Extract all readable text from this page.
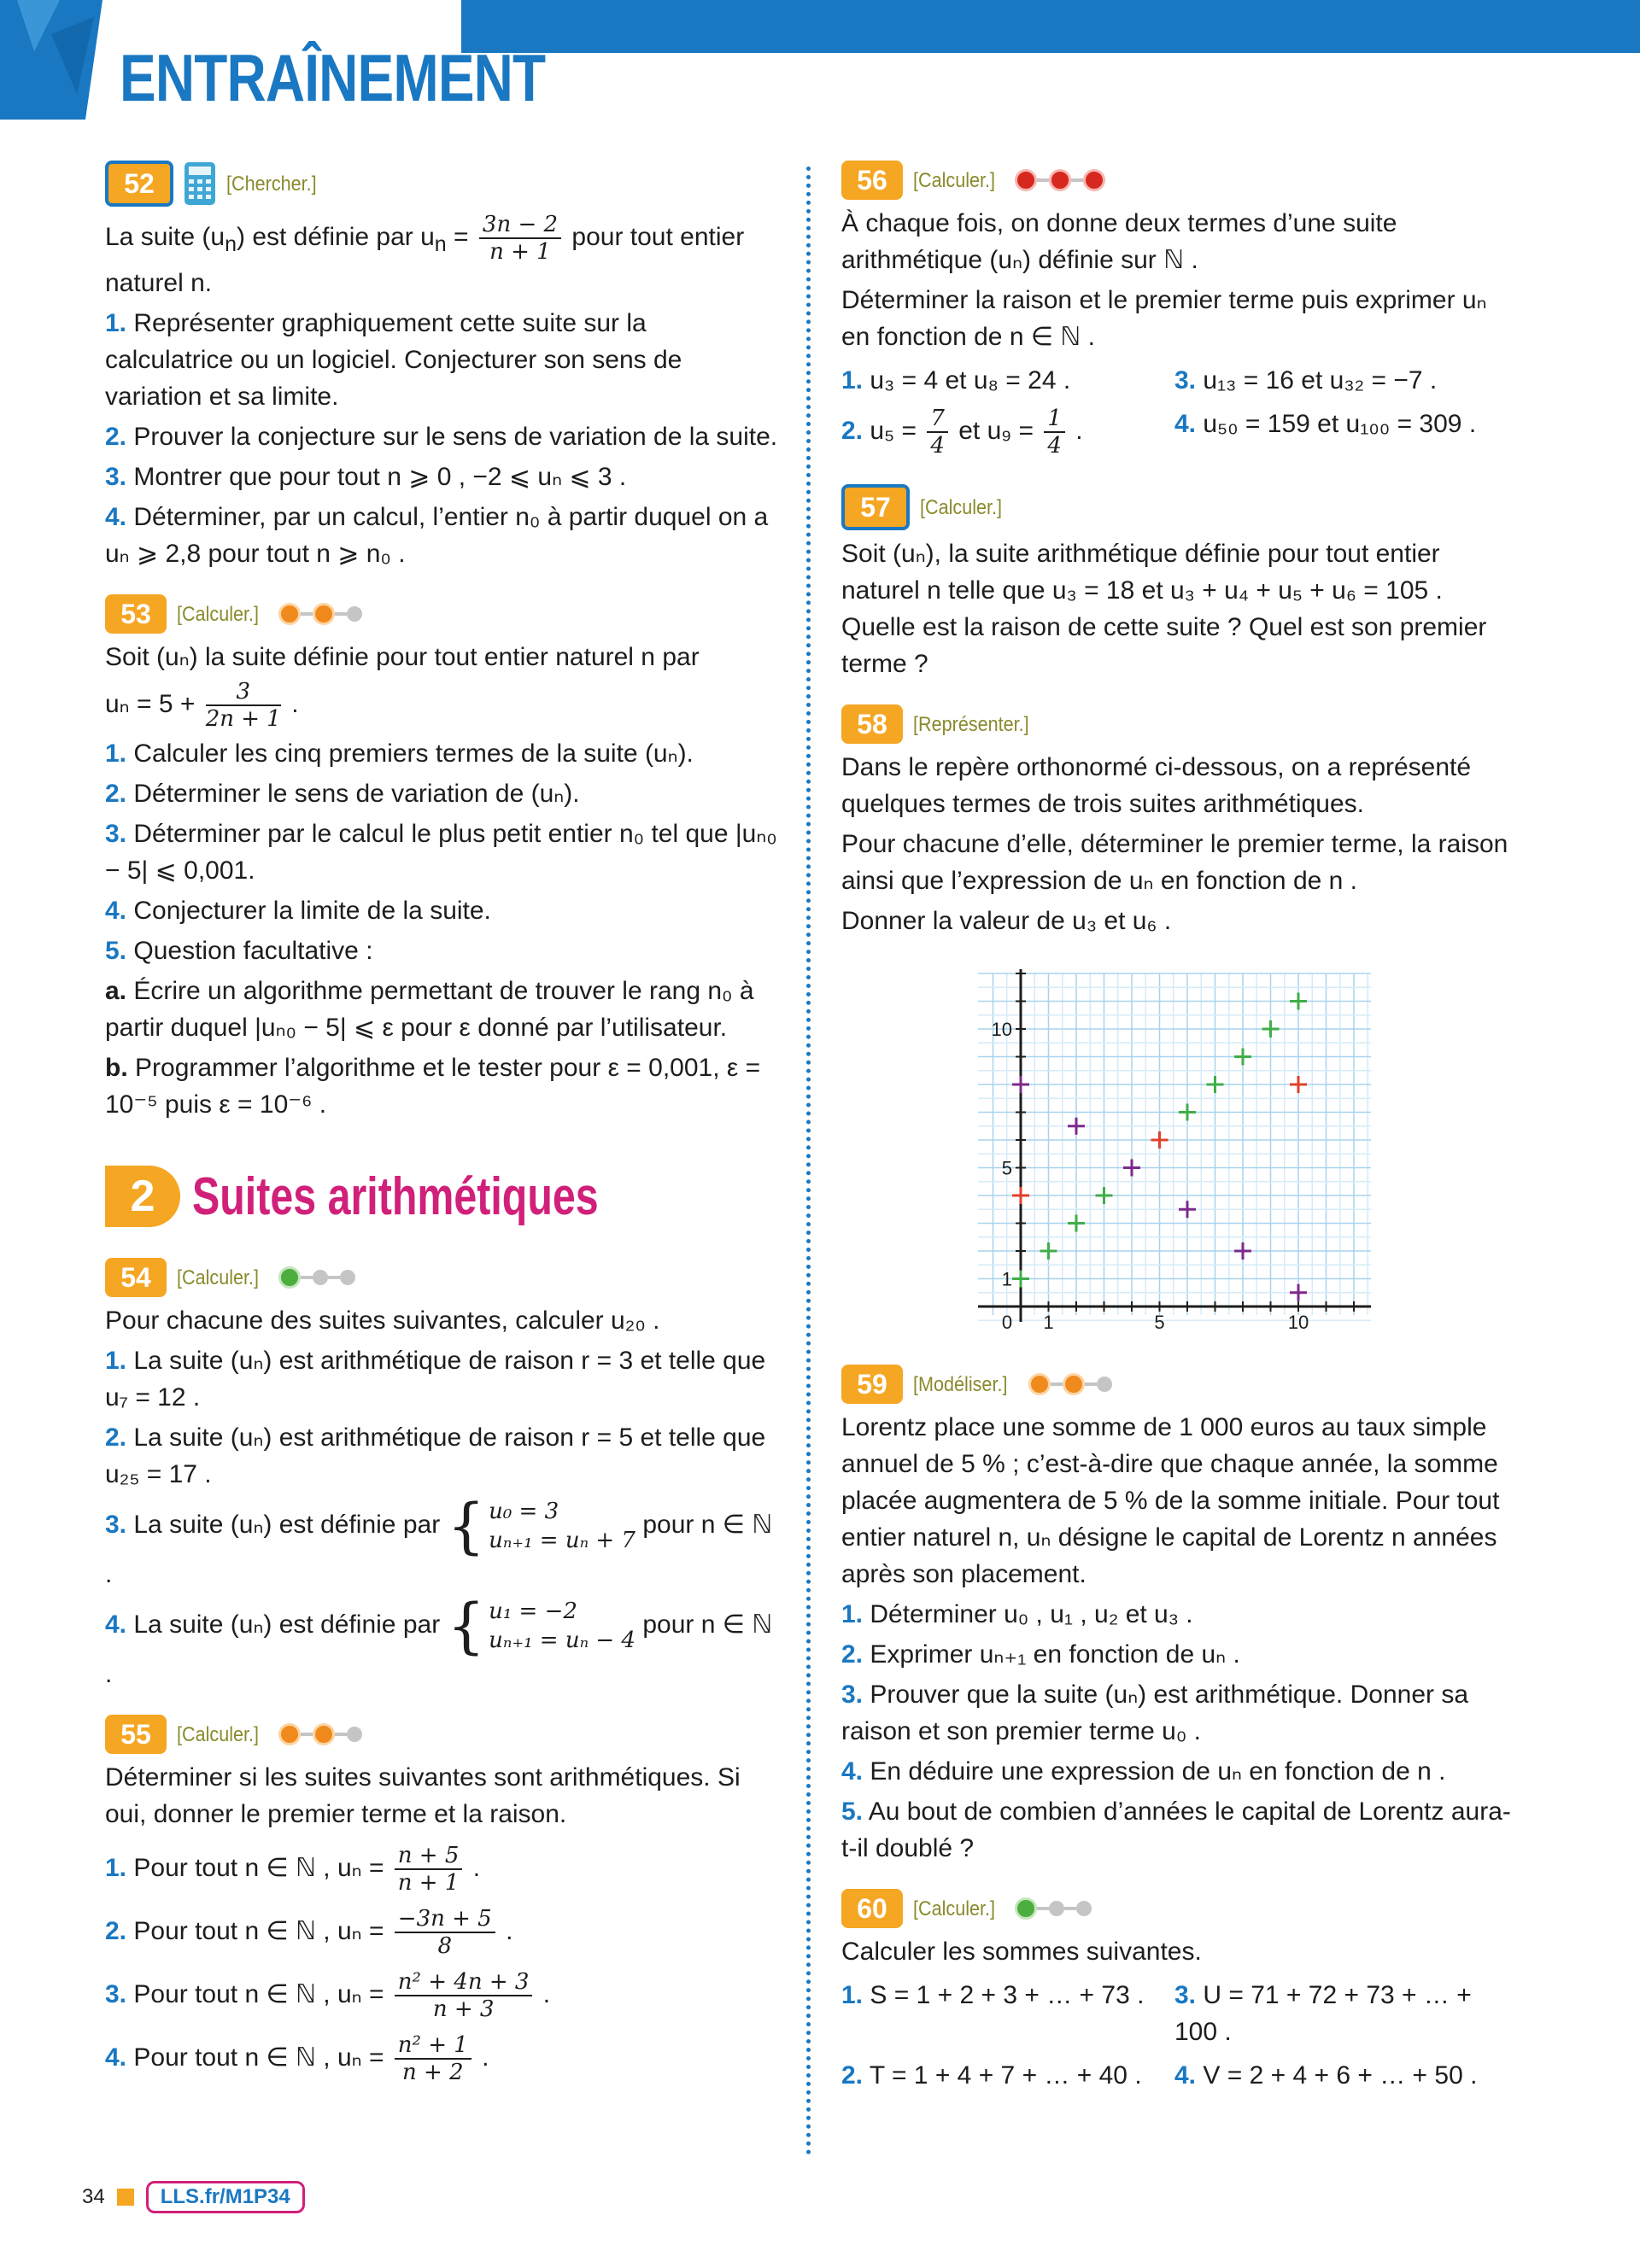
ENTRAÎNEMENT
52	[Chercher.]
La suite $(u_n)$ est définie par $u_n = \frac{3n - 2}{n + 1}$ pour tout entier naturel n.
1. Représenter graphiquement cette suite sur la calculatrice ou un logiciel. Conjecturer son sens de variation et sa limite.
2. Prouver la conjecture sur le sens de variation de la suite.
3. Montrer que pour tout n ⩾ 0 , −2 ⩽ uₙ ⩽ 3 .
4. Déterminer, par un calcul, l’entier n₀ à partir duquel on a uₙ ⩾ 2,8 pour tout n ⩾ n₀ .
53	[Calculer.]
Soit (uₙ) la suite définie pour tout entier naturel n par
$u_n = 5 + \frac{3}{2n + 1}$ .
1. Calculer les cinq premiers termes de la suite (uₙ).
2. Déterminer le sens de variation de (uₙ).
3. Déterminer par le calcul le plus petit entier n₀ tel que |uₙ₀ − 5| ⩽ 0,001.
4. Conjecturer la limite de la suite.
5. Question facultative :
a. Écrire un algorithme permettant de trouver le rang n₀ à partir duquel |uₙ₀ − 5| ⩽ ε pour ε donné par l’utilisateur.
b. Programmer l’algorithme et le tester pour ε = 0,001, ε = 10⁻⁵ puis ε = 10⁻⁶ .
2 Suites arithmétiques
54	[Calculer.]
Pour chacune des suites suivantes, calculer u₂₀ .
1. La suite (uₙ) est arithmétique de raison r = 3 et telle que u₇ = 12 .
2. La suite (uₙ) est arithmétique de raison r = 5 et telle que u₂₅ = 17 .
3. La suite (uₙ) est définie par { u₀ = 3
uₙ₊₁ = uₙ + 7
pour n ∈ ℕ .
4. La suite (uₙ) est définie par { u₁ = −2
uₙ₊₁ = uₙ − 4
pour n ∈ ℕ .
55	[Calculer.]
Déterminer si les suites suivantes sont arithmétiques. Si oui, donner le premier terme et la raison.
1. Pour tout n ∈ ℕ , $u_n = \frac{n + 5}{n + 1}$ .
2. Pour tout n ∈ ℕ , $u_n = \frac{-3n + 5}{8}$ .
3. Pour tout n ∈ ℕ , $u_n = \frac{\text{n² + 4n + 3}}{n + 3}$ .
4. Pour tout n ∈ ℕ , $u_n = \frac{\text{n² + 1}}{n + 2}$ .
56	[Calculer.]
À chaque fois, on donne deux termes d’une suite arithmétique (uₙ) définie sur ℕ .
Déterminer la raison et le premier terme puis exprimer uₙ en fonction de n ∈ ℕ .
1. u₃ = 4 et u₈ = 24 .	3. u₁₃ = 16 et u₃₂ = −7 .
2. $u_5 = \frac{7}{4}$ et $u_9 = \frac{1}{4}$ .	4. u₅₀ = 159 et u₁₀₀ = 309 .
57	[Calculer.]
Soit (uₙ), la suite arithmétique définie pour tout entier naturel n telle que u₃ = 18 et u₃ + u₄ + u₅ + u₆ = 105 . Quelle est la raison de cette suite ? Quel est son premier terme ?
58	[Représenter.]
Dans le repère orthonormé ci-dessous, on a représenté quelques termes de trois suites arithmétiques.
Pour chacune d’elle, déterminer le premier terme, la raison ainsi que l’expression de uₙ en fonction de n .
Donner la valeur de u₃ et u₆ .
0 1	5	10
1
5
10
59	[Modéliser.]
Lorentz place une somme de 1 000 euros au taux simple annuel de 5 % ; c’est-à-dire que chaque année, la somme placée augmentera de 5 % de la somme initiale. Pour tout entier naturel n, uₙ désigne le capital de Lorentz n années après son placement.
1. Déterminer u₀ , u₁ , u₂ et u₃ .
2. Exprimer uₙ₊₁ en fonction de uₙ .
3. Prouver que la suite (uₙ) est arithmétique. Donner sa raison et son premier terme u₀ .
4. En déduire une expression de uₙ en fonction de n .
5. Au bout de combien d’années le capital de Lorentz aura-t-il doublé ?
60	[Calculer.]
Calculer les sommes suivantes.
1. S = 1 + 2 + 3 + … + 73 .	3. U = 71 + 72 + 73 + … + 100 .
2. T = 1 + 4 + 7 + … + 40 .	4. V = 2 + 4 + 6 + … + 50 .
34	LLS.fr/M1P34
